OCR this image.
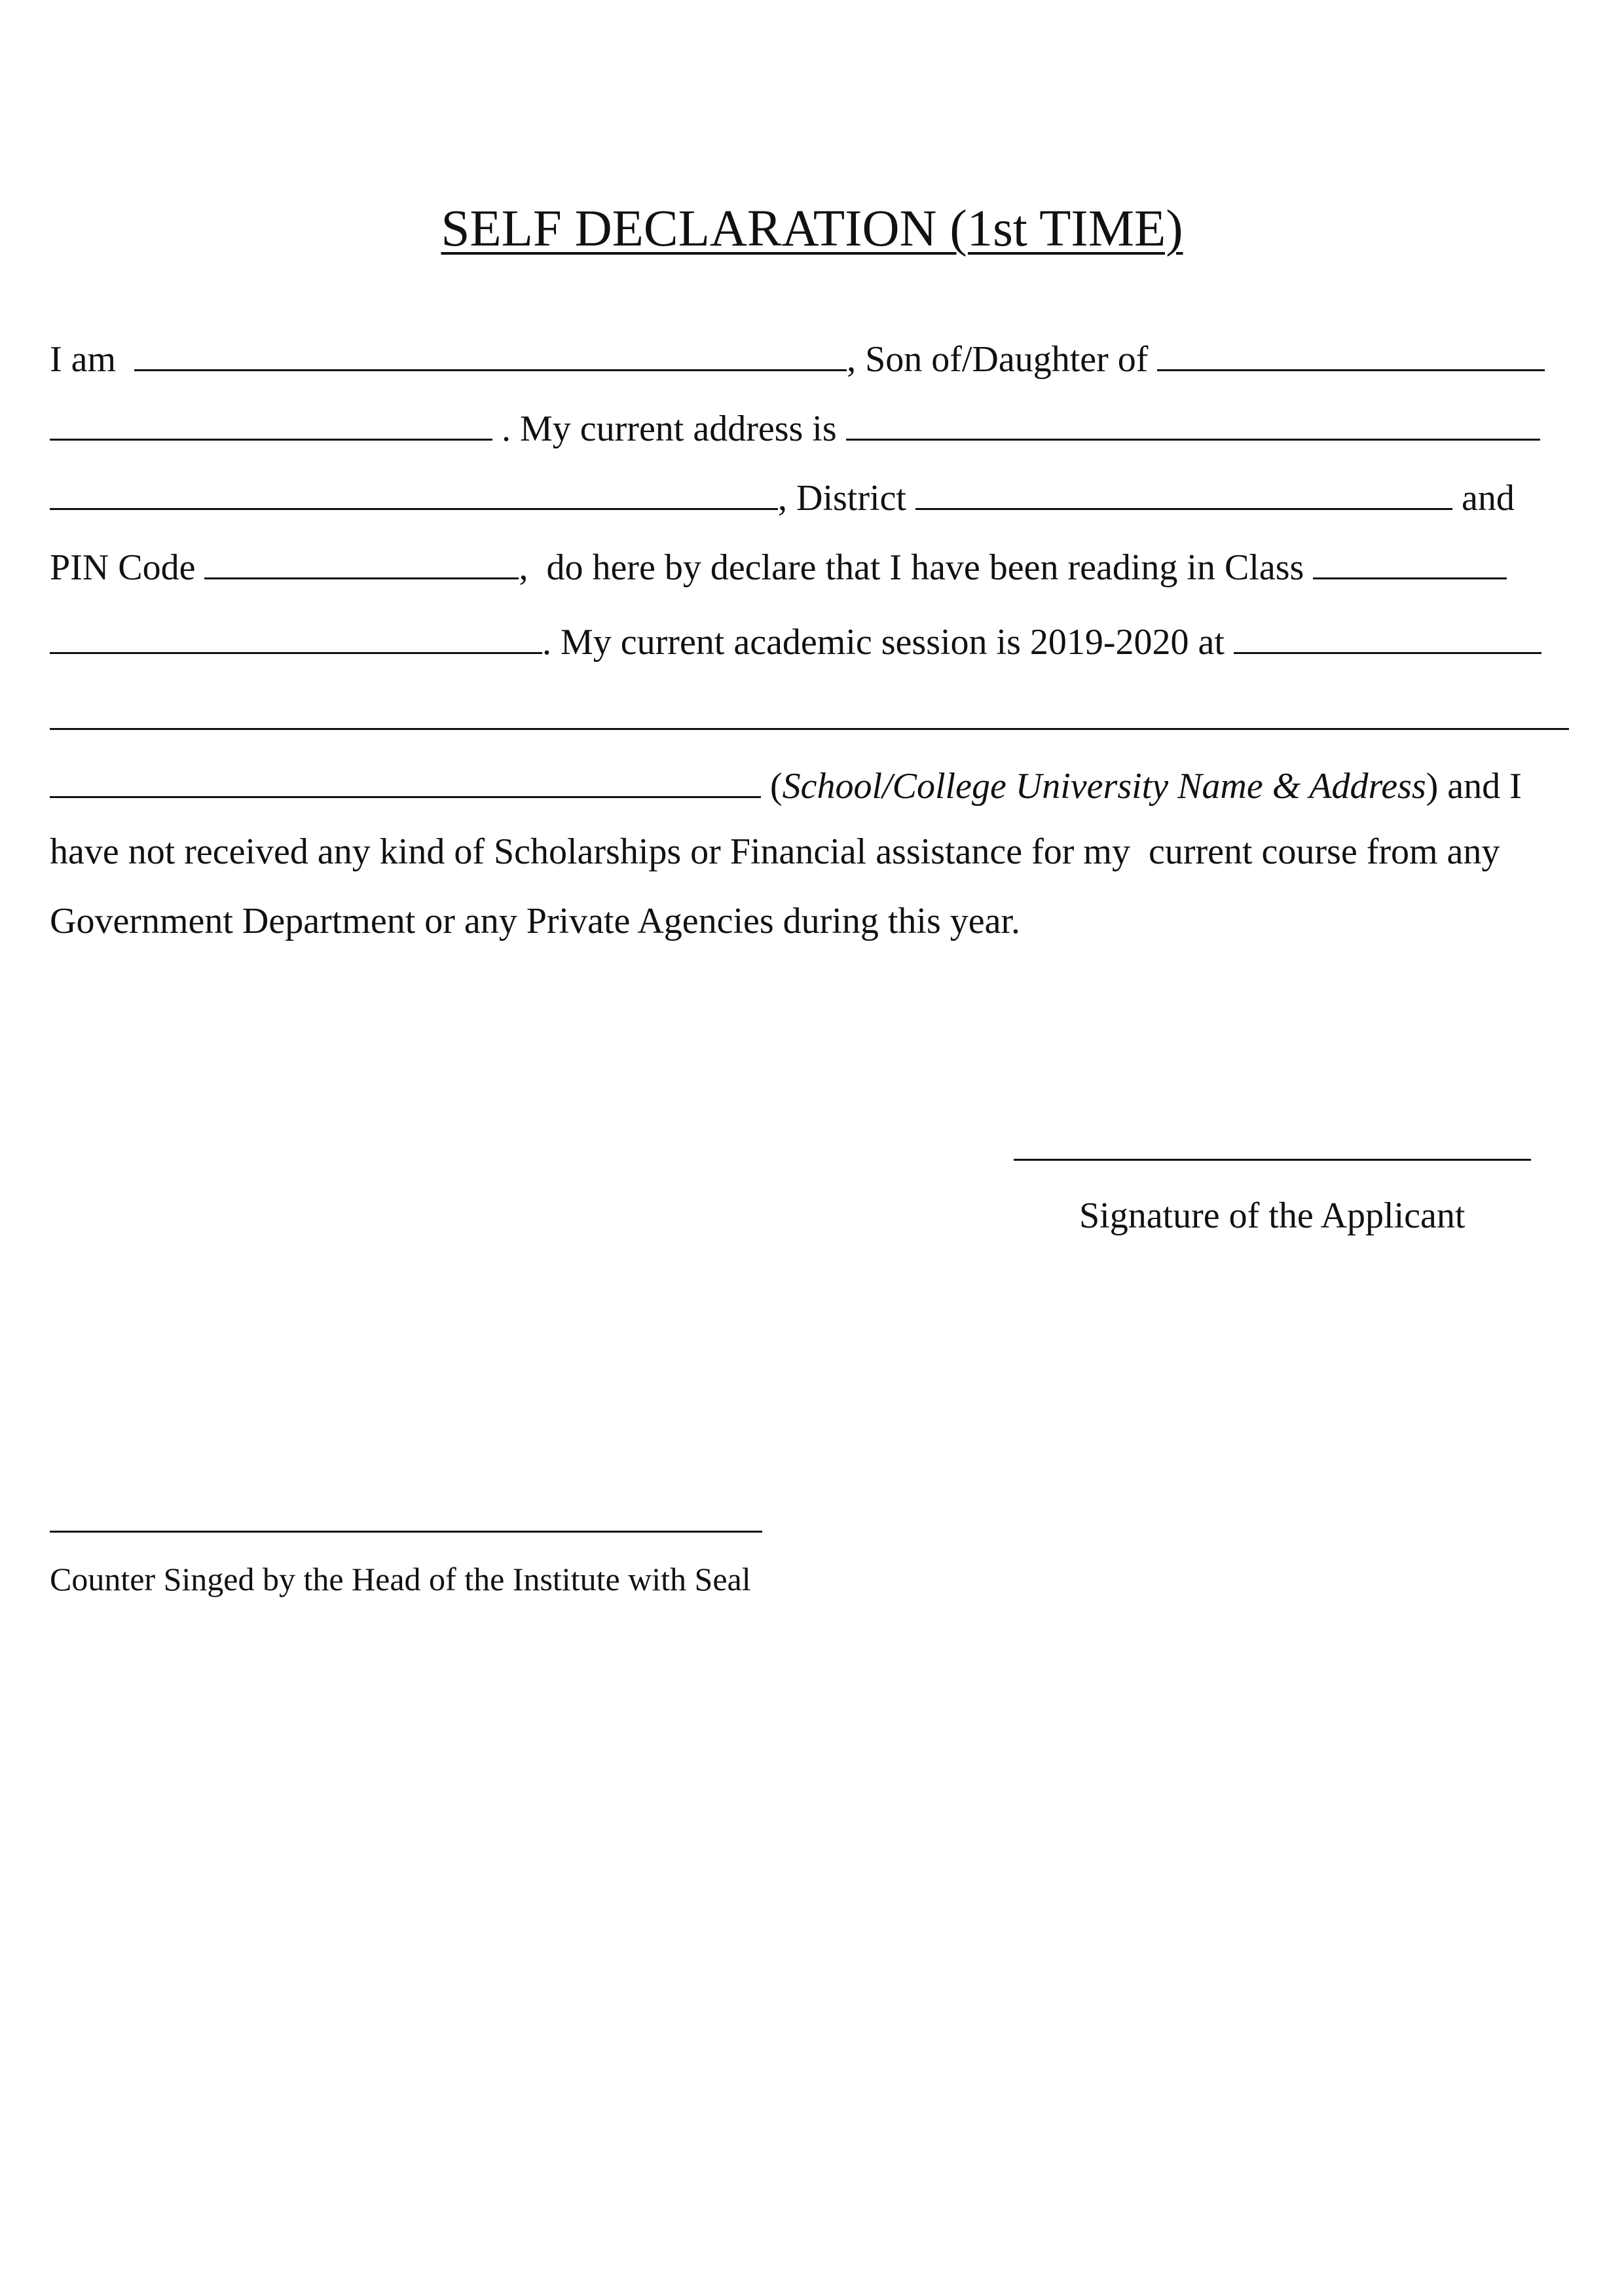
SELF DECLARATION (1st TIME)
I am	, Son of/Daughter of
. My current address is
, District	and
PIN Code	,  do here by declare that I have been reading in Class
. My current academic session is 2019-2020 at
(School/College University Name & Address) and I
have not received any kind of Scholarships or Financial assistance for my  current course from any
Government Department or any Private Agencies during this year.
Signature of the Applicant
Counter Singed by the Head of the Institute with Seal
